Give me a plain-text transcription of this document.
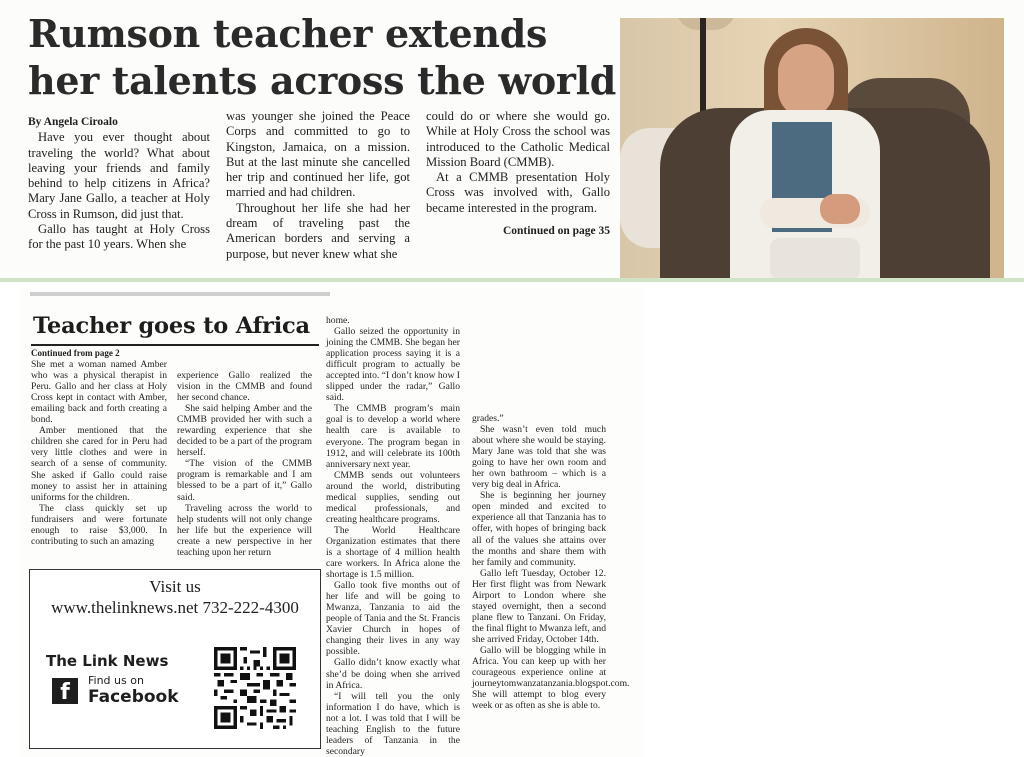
Rumson teacher extends her talents across the world

By Angela Ciroalo

Have you ever thought about traveling the world? What about leaving your friends and family behind to help citizens in Africa? Mary Jane Gallo, a teacher at Holy Cross in Rumson, did just that.

Gallo has taught at Holy Cross for the past 10 years. When she

was younger she joined the Peace Corps and committed to go to Kingston, Jamaica, on a mission. But at the last minute she cancelled her trip and continued her life, got married and had children.

Throughout her life she had her dream of traveling past the American borders and serving a purpose, but never knew what she

could do or where she would go. While at Holy Cross the school was introduced to the Catholic Medical Mission Board (CMMB).

At a CMMB presentation Holy Cross was involved with, Gallo became interested in the program.

Continued on page 35

Teacher goes to Africa

Continued from page 2

She met a woman named Amber who was a physical therapist in Peru. Gallo and her class at Holy Cross kept in contact with Amber, emailing back and forth creating a bond.

Amber mentioned that the children she cared for in Peru had very little clothes and were in search of a sense of community. She asked if Gallo could raise money to assist her in attaining uniforms for the children.

The class quickly set up fundraisers and were fortunate enough to raise $3,000. In contributing to such an amazing

experience Gallo realized the vision in the CMMB and found her second chance.

She said helping Amber and the CMMB provided her with such a rewarding experience that she decided to be a part of the program herself.

“The vision of the CMMB program is remarkable and I am blessed to be a part of it,” Gallo said.

Traveling across the world to help students will not only change her life but the experience will create a new perspective in her teaching upon her return

home.

Gallo seized the opportunity in joining the CMMB. She began her application process saying it is a difficult program to actually be accepted into. “I don’t know how I slipped under the radar,” Gallo said.

The CMMB program’s main goal is to develop a world where health care is available to everyone. The program began in 1912, and will celebrate its 100th anniversary next year.

CMMB sends out volunteers around the world, distributing medical supplies, sending out medical professionals, and creating healthcare programs.

The World Healthcare Organization estimates that there is a shortage of 4 million health care workers. In Africa alone the shortage is 1.5 million.

Gallo took five months out of her life and will be going to Mwanza, Tanzania to aid the people of Tania and the St. Francis Xavier Church in hopes of changing their lives in any way possible.

Gallo didn’t know exactly what she’d be doing when she arrived in Africa.

“I will tell you the only information I do have, which is not a lot. I was told that I will be teaching English to the future leaders of Tanzania in the secondary

grades.”

She wasn’t even told much about where she would be staying. Mary Jane was told that she was going to have her own room and her own bathroom – which is a very big deal in Africa.

She is beginning her journey open minded and excited to experience all that Tanzania has to offer, with hopes of bringing back all of the values she attains over the months and share them with her family and community.

Gallo left Tuesday, October 12. Her first flight was from Newark Airport to London where she stayed overnight, then a second plane flew to Tanzani. On Friday, the final flight to Mwanza left, and she arrived Friday, October 14th.

Gallo will be blogging while in Africa. You can keep up with her courageous experience online at journeytomwanzatanzania.blogspot.com. She will attempt to blog every week or as often as she is able to.

Visit us
www.thelinknews.net 732-222-4300
The Link News
f	Find us on
Facebook
